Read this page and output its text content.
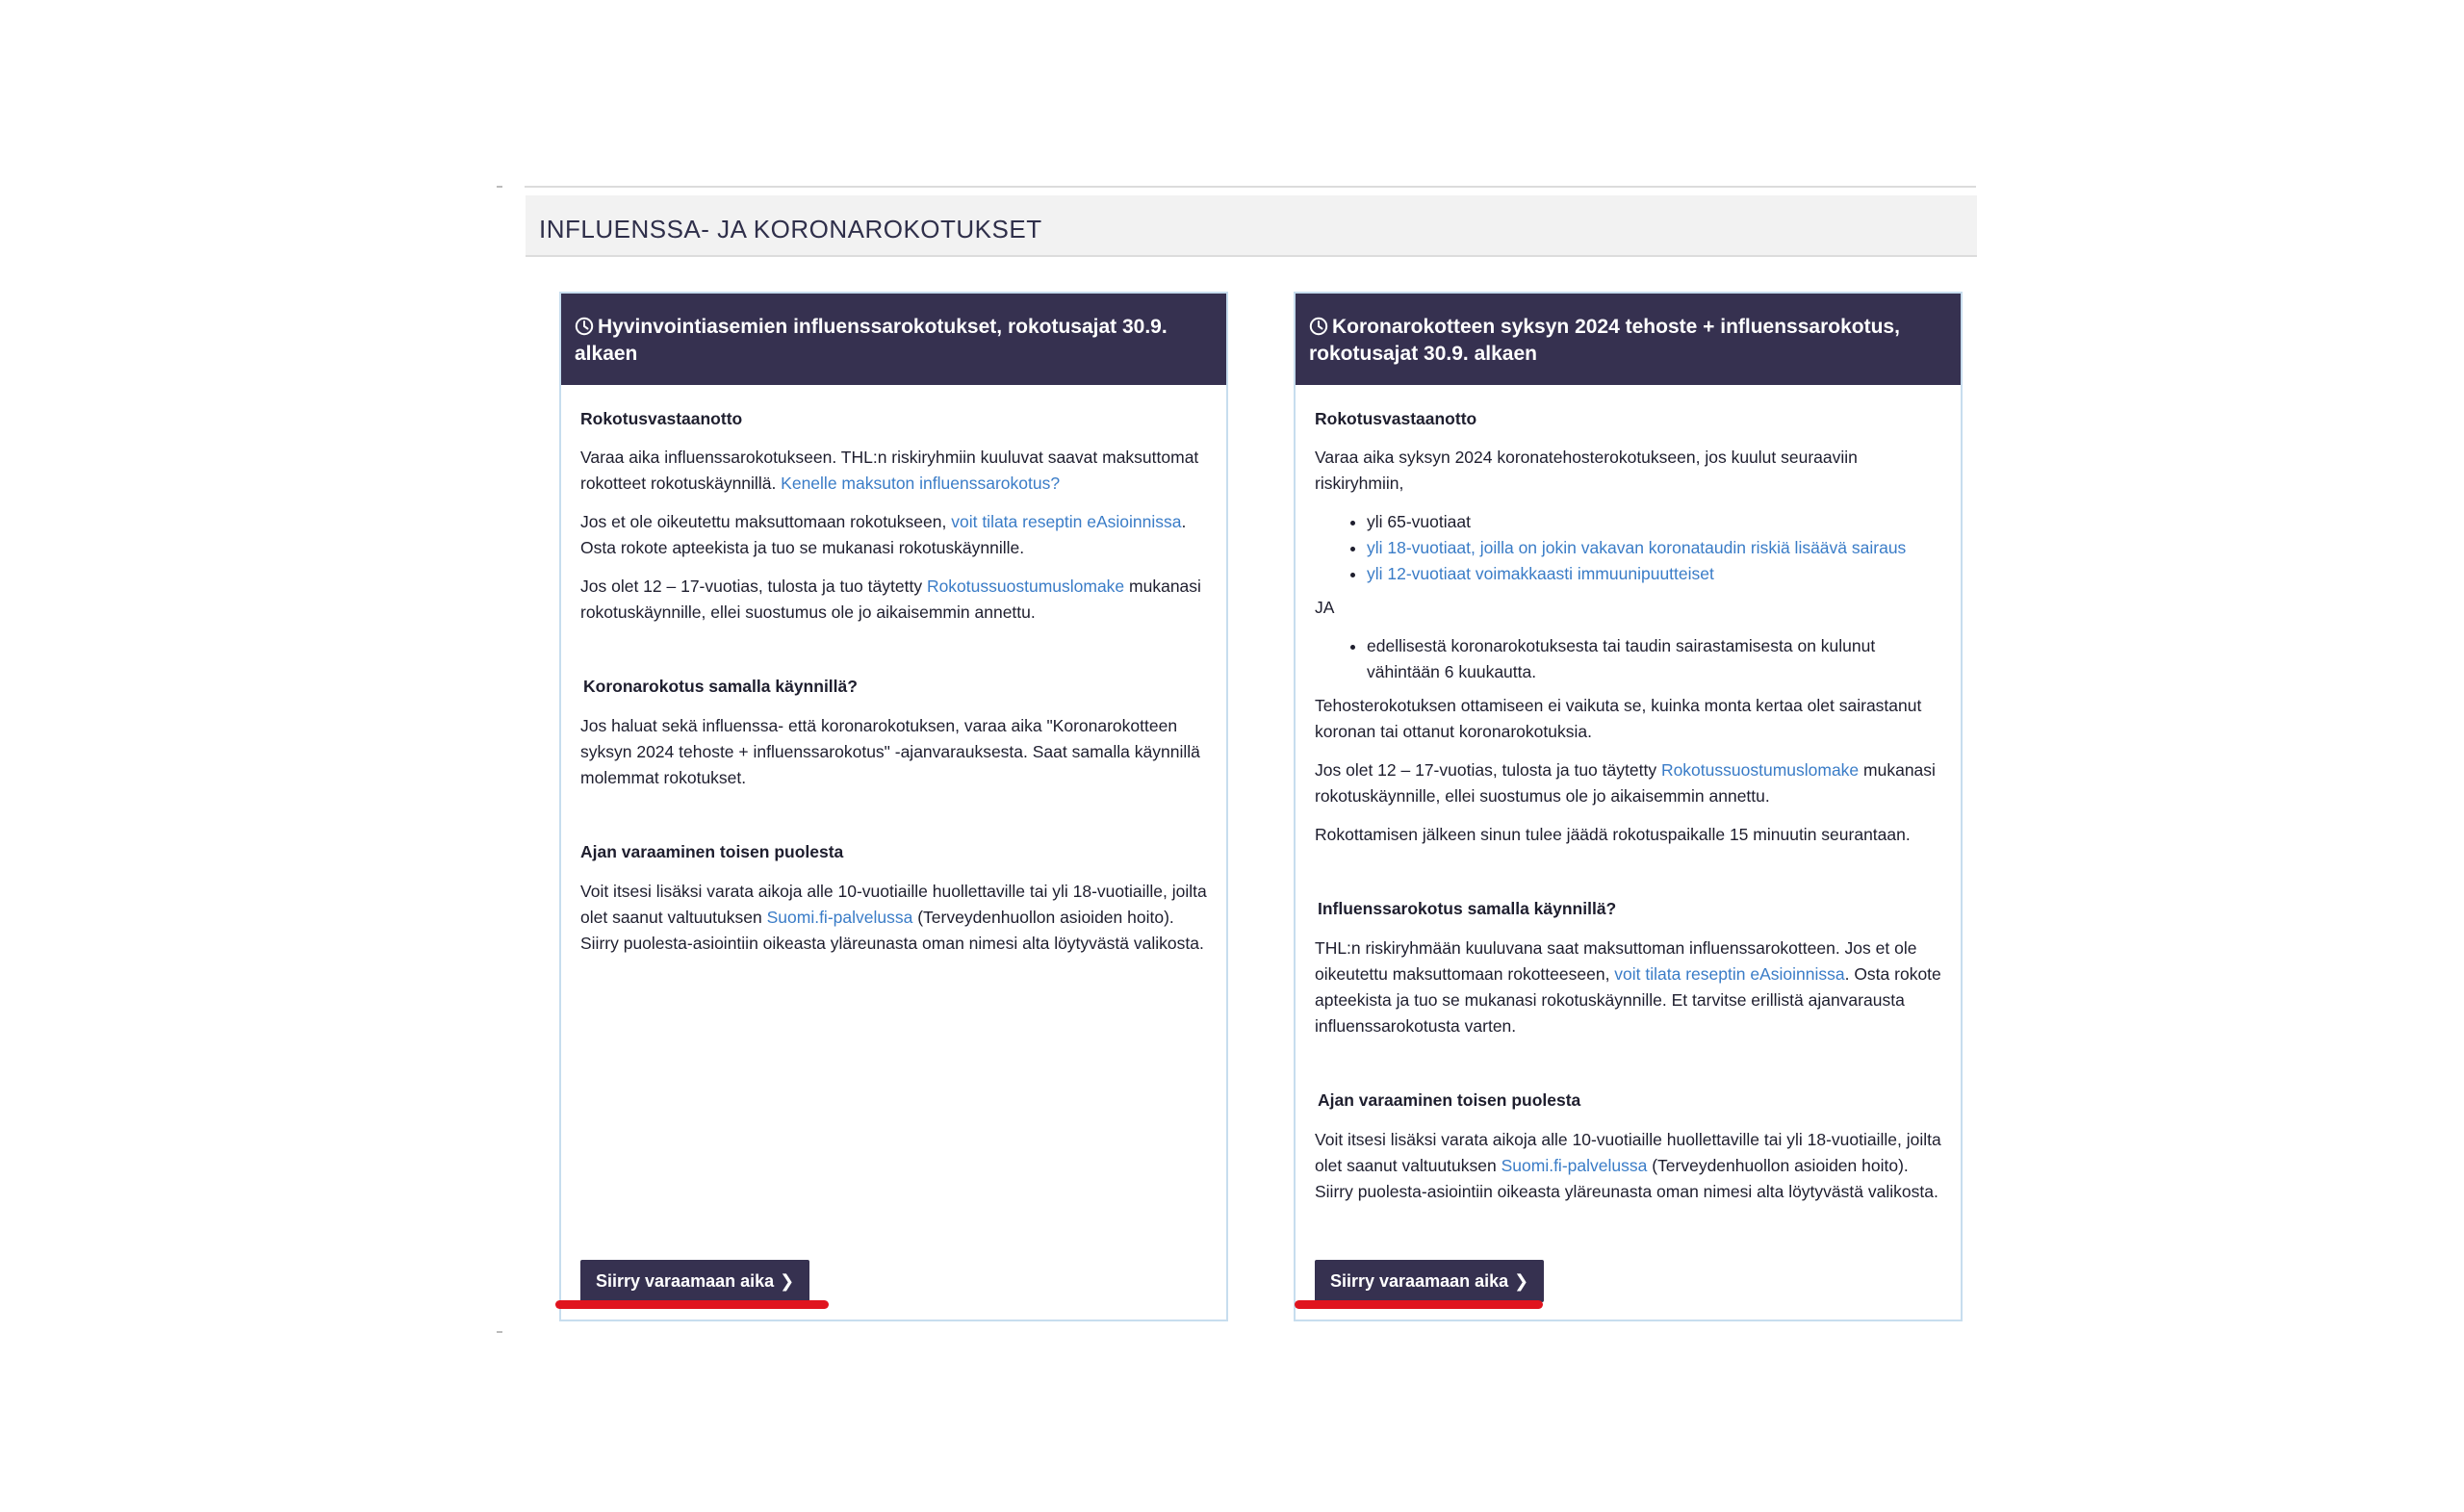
INFLUENSSA- JA KORONAROKOTUKSET
Hyvinvointiasemien influenssarokotukset, rokotusajat 30.9. alkaen

Rokotusvastaanotto

Varaa aika influenssarokotukseen. THL:n riskiryhmiin kuuluvat saavat maksuttomat rokotteet rokotuskäynnillä. Kenelle maksuton influenssarokotus?

Jos et ole oikeutettu maksuttomaan rokotukseen, voit tilata reseptin eAsioinnissa. Osta rokote apteekista ja tuo se mukanasi rokotuskäynnille.

Jos olet 12 – 17-vuotias, tulosta ja tuo täytetty Rokotussuostumuslomake mukanasi rokotuskäynnille, ellei suostumus ole jo aikaisemmin annettu.

Koronarokotus samalla käynnillä?

Jos haluat sekä influenssa- että koronarokotuksen, varaa aika "Koronarokotteen syksyn 2024 tehoste + influenssarokotus" -ajanvarauksesta. Saat samalla käynnillä molemmat rokotukset.

Ajan varaaminen toisen puolesta

Voit itsesi lisäksi varata aikoja alle 10-vuotiaille huollettaville tai yli 18-vuotiaille, joilta olet saanut valtuutuksen Suomi.fi-palvelussa (Terveydenhuollon asioiden hoito). Siirry puolesta-asiointiin oikeasta yläreunasta oman nimesi alta löytyvästä valikosta.

Siirry varaamaan aika ❯
Koronarokotteen syksyn 2024 tehoste + influenssarokotus, rokotusajat 30.9. alkaen

Rokotusvastaanotto

Varaa aika syksyn 2024 koronatehosterokotukseen, jos kuulut seuraaviin riskiryhmiin,

• yli 65-vuotiaat
• yli 18-vuotiaat, joilla on jokin vakavan koronataudin riskiä lisäävä sairaus
• yli 12-vuotiaat voimakkaasti immuunipuutteiset

JA

• edellisestä koronarokotuksesta tai taudin sairastamisesta on kulunut vähintään 6 kuukautta.

Tehosterokotuksen ottamiseen ei vaikuta se, kuinka monta kertaa olet sairastanut koronan tai ottanut koronarokotuksia.

Jos olet 12 – 17-vuotias, tulosta ja tuo täytetty Rokotussuostumuslomake mukanasi rokotuskäynnille, ellei suostumus ole jo aikaisemmin annettu.

Rokottamisen jälkeen sinun tulee jäädä rokotuspaikalle 15 minuutin seurantaan.

Influenssarokotus samalla käynnillä?

THL:n riskiryhmään kuuluvana saat maksuttoman influenssarokotteen. Jos et ole oikeutettu maksuttomaan rokotteeseen, voit tilata reseptin eAsioinnissa. Osta rokote apteekista ja tuo se mukanasi rokotuskäynnille. Et tarvitse erillistä ajanvarausta influenssarokotusta varten.

Ajan varaaminen toisen puolesta

Voit itsesi lisäksi varata aikoja alle 10-vuotiaille huollettaville tai yli 18-vuotiaille, joilta olet saanut valtuutuksen Suomi.fi-palvelussa (Terveydenhuollon asioiden hoito). Siirry puolesta-asiointiin oikeasta yläreunasta oman nimesi alta löytyvästä valikosta.

Siirry varaamaan aika ❯
